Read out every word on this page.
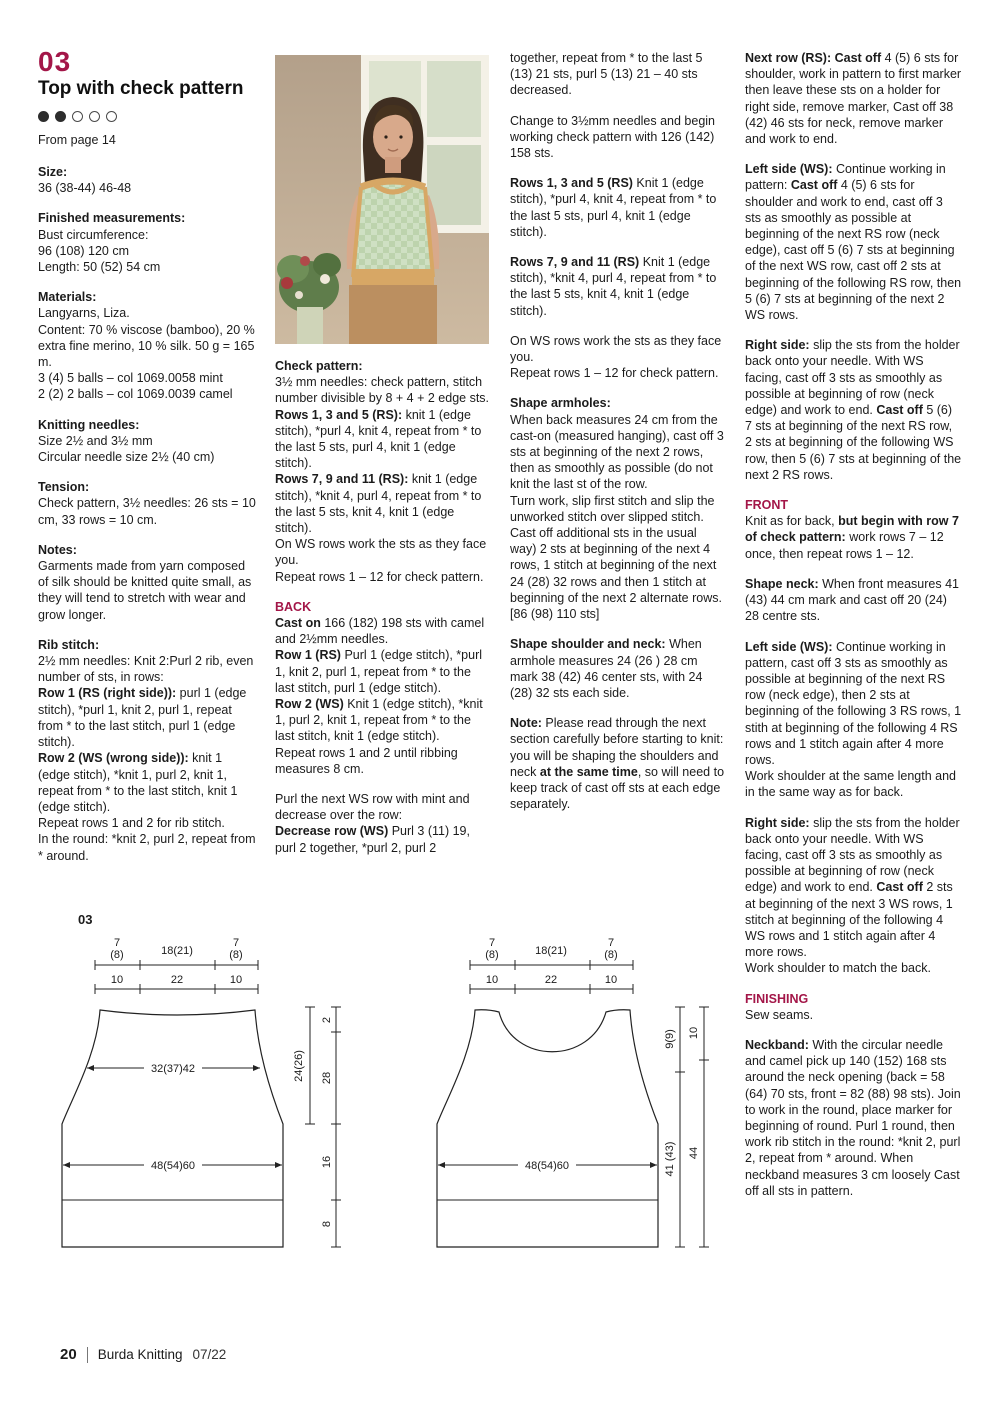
03
Top with check pattern
From page 14

Size:

36 (38-44) 46-48

Finished measurements:

Bust circumference:

96 (108) 120 cm

Length: 50 (52) 54 cm

Materials:

Langyarns, Liza.

Content: 70 % viscose (bamboo), 20 % extra fine merino, 10 % silk. 50 g = 165 m.

3 (4) 5 balls – col 1069.0058 mint

2 (2) 2 balls – col 1069.0039 camel

Knitting needles:

Size 2½ and 3½ mm

Circular needle size 2½ (40 cm)

Tension:

Check pattern, 3½ needles: 26 sts = 10 cm, 33 rows = 10 cm.

Notes:

Garments made from yarn composed of silk should be knitted quite small, as they will tend to stretch with wear and grow longer.

Rib stitch:

2½ mm needles: Knit 2:Purl 2 rib, even number of sts, in rows:

Row 1 (RS (right side)): purl 1 (edge stitch), *purl 1, knit 2, purl 1, repeat from * to the last stitch, purl 1 (edge stitch).

Row 2 (WS (wrong side)): knit 1 (edge stitch), *knit 1, purl 2, knit 1, repeat from * to the last stitch, knit 1 (edge stitch).

Repeat rows 1 and 2 for rib stitch.

In the round: *knit 2, purl 2, repeat from * around.

Check pattern:

3½ mm needles: check pattern, stitch number divisible by 8 + 4 + 2 edge sts.

Rows 1, 3 and 5 (RS): knit 1 (edge stitch), *purl 4, knit 4, repeat from * to the last 5 sts, purl 4, knit 1 (edge stitch).

Rows 7, 9 and 11 (RS): knit 1 (edge stitch), *knit 4, purl 4, repeat from * to the last 5 sts, knit 4, knit 1 (edge stitch).

On WS rows work the sts as they face you.

Repeat rows 1 – 12 for check pattern.

BACK

Cast on 166 (182) 198 sts with camel and 2½mm needles.

Row 1 (RS) Purl 1 (edge stitch), *purl 1, knit 2, purl 1, repeat from * to the last stitch, purl 1 (edge stitch).

Row 2 (WS) Knit 1 (edge stitch), *knit 1, purl 2, knit 1, repeat from * to the last stitch, knit 1 (edge stitch).

Repeat rows 1 and 2 until ribbing measures 8 cm.

Purl the next WS row with mint and decrease over the row:

Decrease row (WS) Purl 3 (11) 19, purl 2 together, *purl 2, purl 2

together, repeat from * to the last 5 (13) 21 sts, purl 5 (13) 21 – 40 sts decreased.

Change to 3½mm needles and begin working check pattern with 126 (142) 158 sts.

Rows 1, 3 and 5 (RS) Knit 1 (edge stitch), *purl 4, knit 4, repeat from * to the last 5 sts, purl 4, knit 1 (edge stitch).

Rows 7, 9 and 11 (RS) Knit 1 (edge stitch), *knit 4, purl 4, repeat from * to the last 5 sts, knit 4, knit 1 (edge stitch).

On WS rows work the sts as they face you.

Repeat rows 1 – 12 for check pattern.

Shape armholes:

When back measures 24 cm from the cast-on (measured hanging), cast off 3 sts at beginning of the next 2 rows, then as smoothly as possible (do not knit the last st of the row.

Turn work, slip first stitch and slip the unworked stitch over slipped stitch.

Cast off additional sts in the usual way) 2 sts at beginning of the next 4 rows, 1 stitch at beginning of the next 24 (28) 32 rows and then 1 stitch at beginning of the next 2 alternate rows. [86 (98) 110 sts]

Shape shoulder and neck: When armhole measures 24 (26 ) 28 cm mark 38 (42) 46 center sts, with 24 (28) 32 sts each side.

Note: Please read through the next section carefully before starting to knit: you will be shaping the shoulders and neck at the same time, so will need to keep track of cast off sts at each edge separately.

Next row (RS): Cast off 4 (5) 6 sts for shoulder, work in pattern to first marker then leave these sts on a holder for right side, remove marker, Cast off 38 (42) 46 sts for neck, remove marker and work to end.

Left side (WS): Continue working in pattern: Cast off 4 (5) 6 sts for shoulder and work to end, cast off 3 sts as smoothly as possible at beginning of the next RS row (neck edge), cast off 5 (6) 7 sts at beginning of the next WS row, cast off 2 sts at beginning of the following RS row, then 5 (6) 7 sts at beginning of the next 2 WS rows.

Right side: slip the sts from the holder back onto your needle. With WS facing, cast off 3 sts as smoothly as possible at beginning of row (neck edge) and work to end. Cast off 5 (6) 7 sts at beginning of the next RS row, 2 sts at beginning of the following WS row, then 5 (6) 7 sts at beginning of the next 2 RS rows.

FRONT

Knit as for back, but begin with row 7 of check pattern: work rows 7 – 12 once, then repeat rows 1 – 12.

Shape neck: When front measures 41 (43) 44 cm mark and cast off 20 (24) 28 centre sts.

Left side (WS): Continue working in pattern, cast off 3 sts as smoothly as possible at beginning of the next RS row (neck edge), then 2 sts at beginning of the following 3 RS rows, 1 stith at beginning of the following 4 RS rows and 1 stitch again after 4 more rows.

Work shoulder at the same length and in the same way as for back.

Right side: slip the sts from the holder back onto your needle. With WS facing, cast off 3 sts as smoothly as possible at beginning of row (neck edge) and work to end. Cast off 2 sts at beginning of the next 3 WS rows, 1 stitch at beginning of the following 4 WS rows and 1 stitch again after 4 more rows.

Work shoulder to match the back.

FINISHING

Sew seams.

Neckband: With the circular needle and camel pick up 140 (152) 168 sts around the neck opening (back = 58 (64) 70 sts, front = 82 (88) 98 sts). Join to work in the round, place marker for beginning of round. Purl 1 round, then work rib stitch in the round: *knit 2, purl 2, repeat from * around. When neckband measures 3 cm loosely Cast off all sts in pattern.

03
32(37)42
48(54)60
7
(8)	18(21)
7
(8)
10	22	10
24(26)
2
28
16
8
48(54)60
7
(8)	18(21)
7
(8)
10	22	10
9(9)
41 (43)
10
44
20 Burda Knitting 07/22
